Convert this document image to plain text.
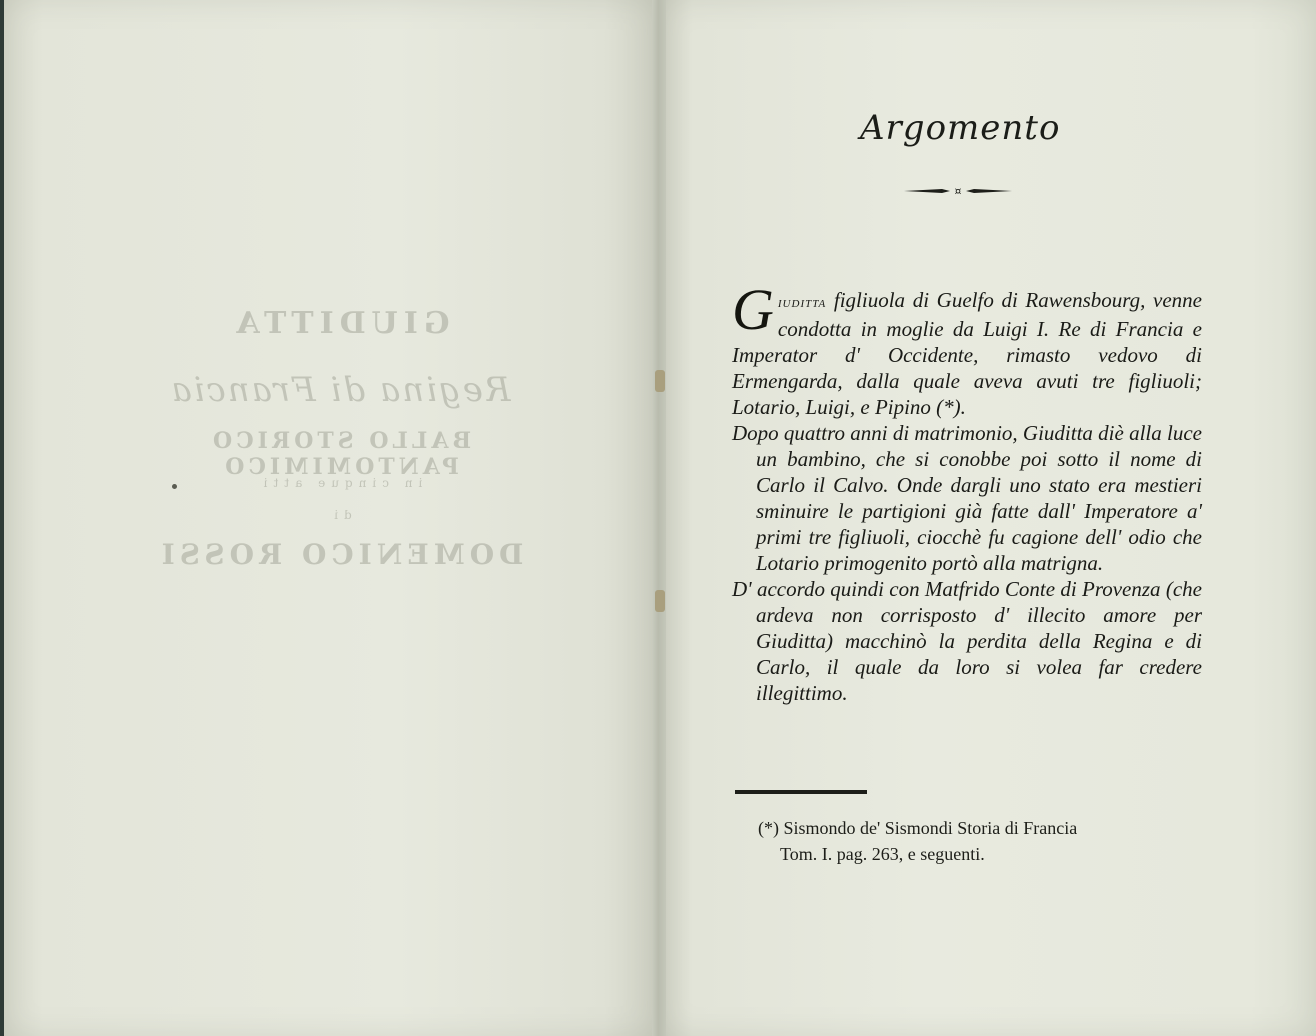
GIUDITTA
Regina di Francia
BALLO STORICO PANTOMIMICO
in cinque atti
di
DOMENICO ROSSI
Argomento
¤

Giuditta figliuola di Guelfo di Rawensbourg, venne condotta in moglie da Luigi I. Re di Francia e Imperator d' Occidente, rimasto vedovo di Ermengarda, dalla quale aveva avuti tre figliuoli; Lotario, Luigi, e Pipino (*).

Dopo quattro anni di matrimonio, Giuditta diè alla luce un bambino, che si conobbe poi sotto il nome di Carlo il Calvo. Onde dargli uno stato era mestieri sminuire le partigioni già fatte dall' Imperatore a' primi tre figliuoli, ciocchè fu cagione dell' odio che Lotario primogenito portò alla matrigna.

D' accordo quindi con Matfrido Conte di Provenza (che ardeva non corrisposto d' illecito amore per Giuditta) macchinò la perdita della Regina e di Carlo, il quale da loro si volea far credere illegittimo.

(*) Sismondo de' Sismondi Storia di Francia
Tom. I. pag. 263, e seguenti.
